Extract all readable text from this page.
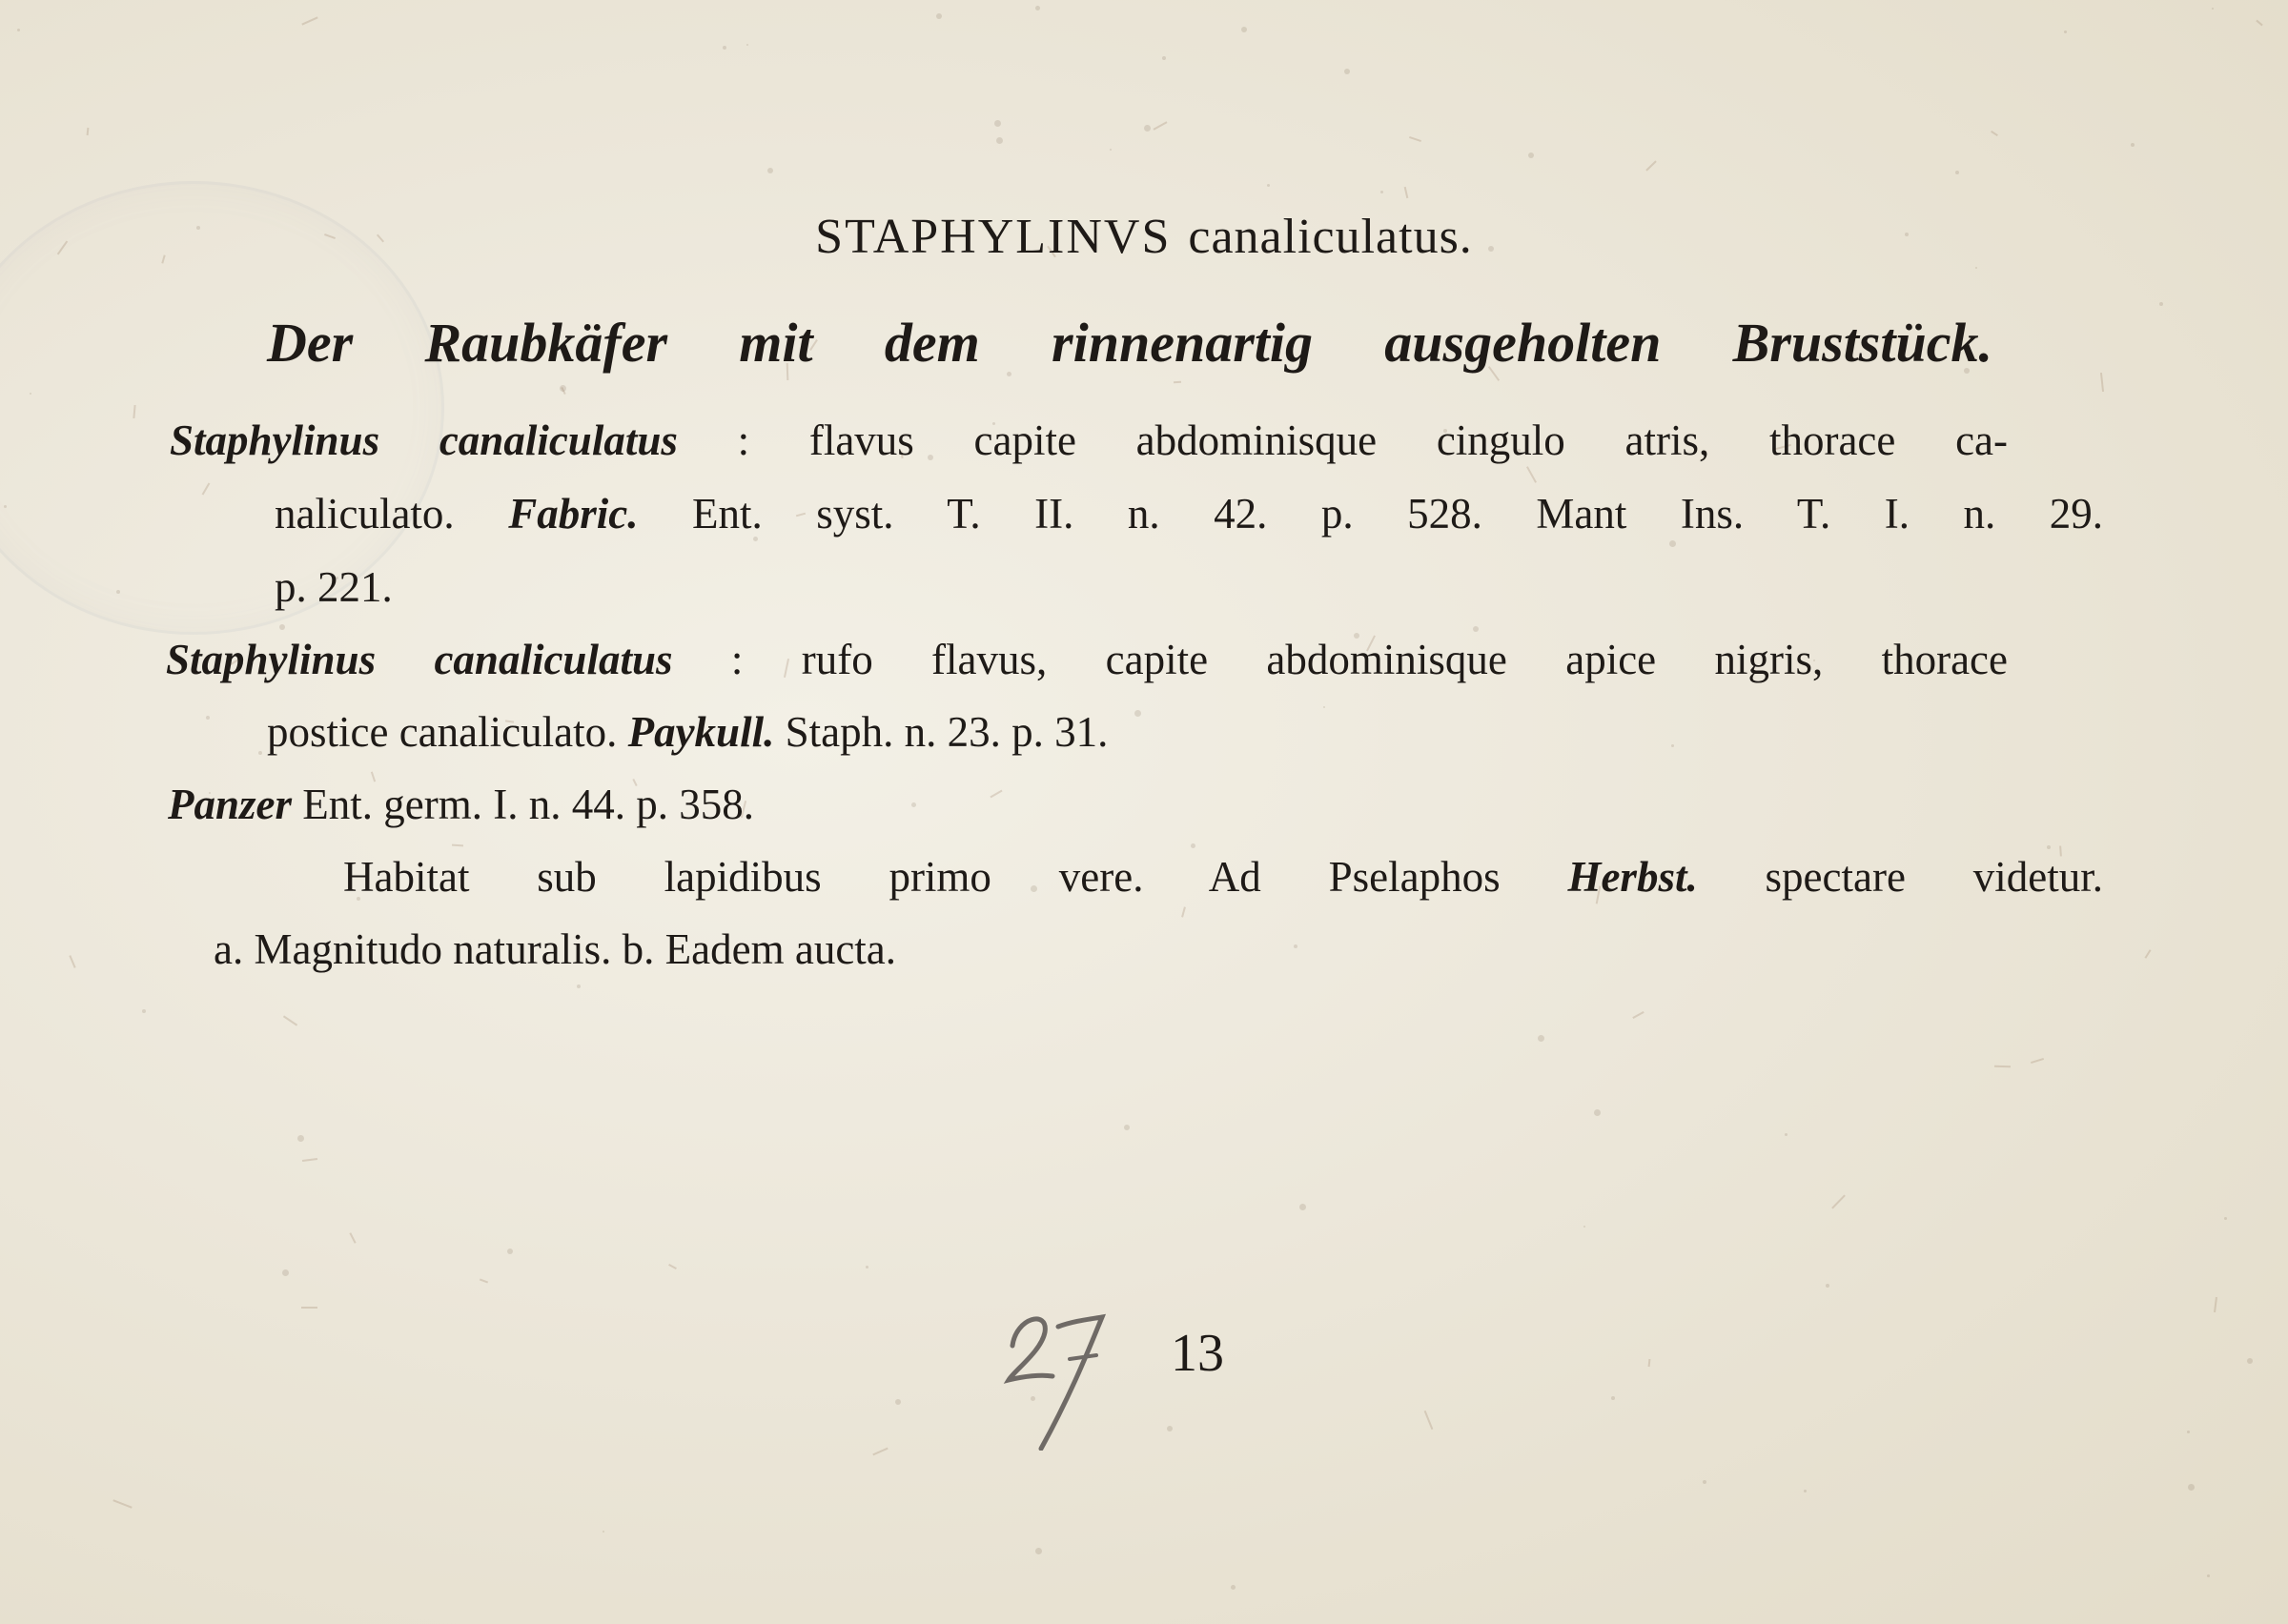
STAPHYLINVS canaliculatus.
Der Raubkäfer mit dem rinnenartig ausgeholten Bruststück.
Staphylinus canaliculatus : flavus capite abdominisque cingulo atris, thorace ca-
naliculato. Fabric. Ent. syst. T. II. n. 42. p. 528. Mant Ins. T. I. n. 29.
p. 221.
Staphylinus canaliculatus : rufo flavus, capite abdominisque apice nigris, thorace
postice canaliculato. Paykull. Staph. n. 23. p. 31.
Panzer Ent. germ. I. n. 44. p. 358.
Habitat sub lapidibus primo vere. Ad Pselaphos Herbst. spectare videtur.
a. Magnitudo naturalis. b. Eadem aucta.
13
